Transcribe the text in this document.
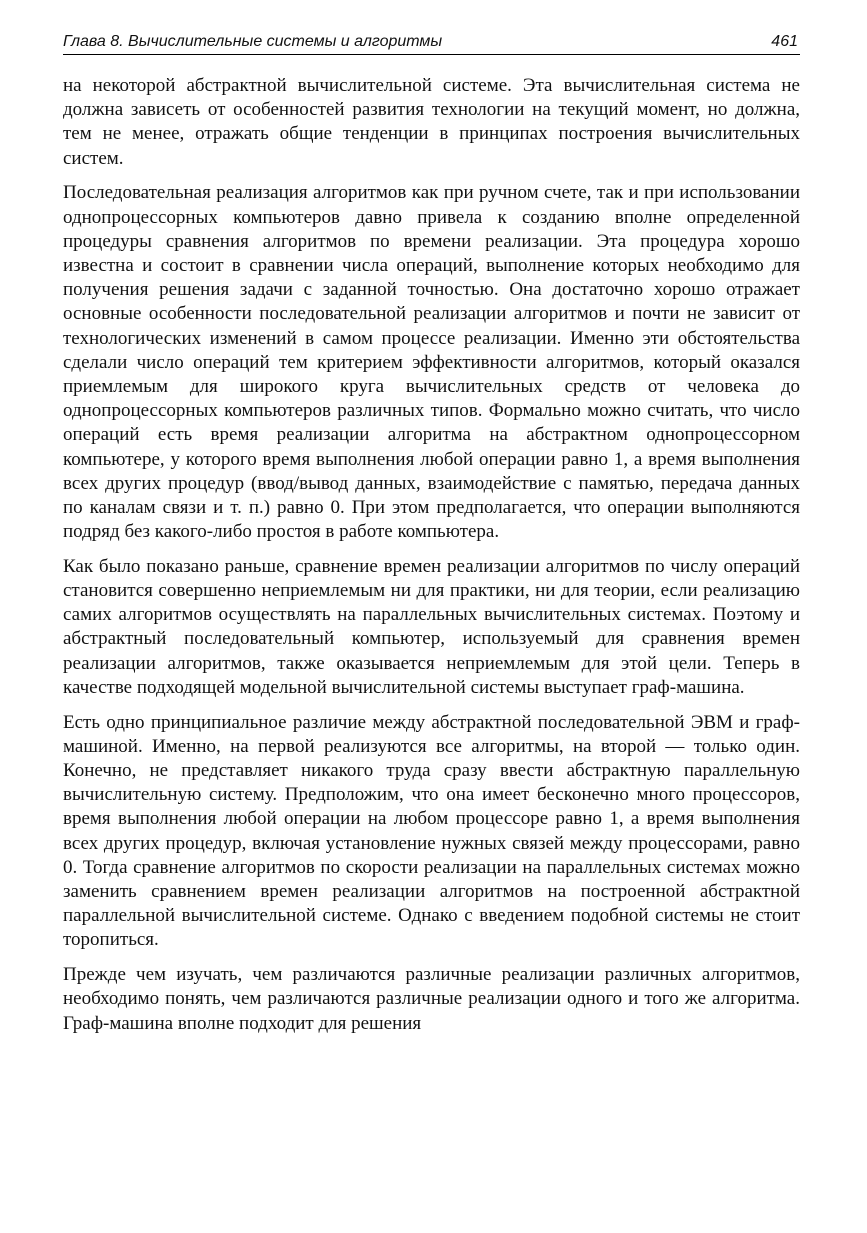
Глава 8. Вычислительные системы и алгоритмы	461

на некоторой абстрактной вычислительной системе. Эта вычислительная система не должна зависеть от особенностей развития технологии на текущий момент, но должна, тем не менее, отражать общие тенденции в принципах построения вычислительных систем.

Последовательная реализация алгоритмов как при ручном счете, так и при использовании однопроцессорных компьютеров давно привела к созданию вполне определенной процедуры сравнения алгоритмов по времени реализации. Эта процедура хорошо известна и состоит в сравнении числа операций, выполнение которых необходимо для получения решения задачи с заданной точностью. Она достаточно хорошо отражает основные особенности последовательной реализации алгоритмов и почти не зависит от технологических изменений в самом процессе реализации. Именно эти обстоятельства сделали число операций тем критерием эффективности алгоритмов, который оказался приемлемым для широкого круга вычислительных средств от человека до однопроцессорных компьютеров различных типов. Формально можно считать, что число операций есть время реализации алгоритма на абстрактном однопроцессорном компьютере, у которого время выполнения любой операции равно 1, а время выполнения всех других процедур (ввод/вывод данных, взаимодействие с памятью, передача данных по каналам связи и т. п.) равно 0. При этом предполагается, что операции выполняются подряд без какого-либо простоя в работе компьютера.

Как было показано раньше, сравнение времен реализации алгоритмов по числу операций становится совершенно неприемлемым ни для практики, ни для теории, если реализацию самих алгоритмов осуществлять на параллельных вычислительных системах. Поэтому и абстрактный последовательный компьютер, используемый для сравнения времен реализации алгоритмов, также оказывается неприемлемым для этой цели. Теперь в качестве подходящей модельной вычислительной системы выступает граф-машина.

Есть одно принципиальное различие между абстрактной последовательной ЭВМ и граф-машиной. Именно, на первой реализуются все алгоритмы, на второй — только один. Конечно, не представляет никакого труда сразу ввести абстрактную параллельную вычислительную систему. Предположим, что она имеет бесконечно много процессоров, время выполнения любой операции на любом процессоре равно 1, а время выполнения всех других процедур, включая установление нужных связей между процессорами, равно 0. Тогда сравнение алгоритмов по скорости реализации на параллельных системах можно заменить сравнением времен реализации алгоритмов на построенной абстрактной параллельной вычислительной системе. Однако с введением подобной системы не стоит торопиться.

Прежде чем изучать, чем различаются различные реализации различных алгоритмов, необходимо понять, чем различаются различные реализации одного и того же алгоритма. Граф-машина вполне подходит для решения
